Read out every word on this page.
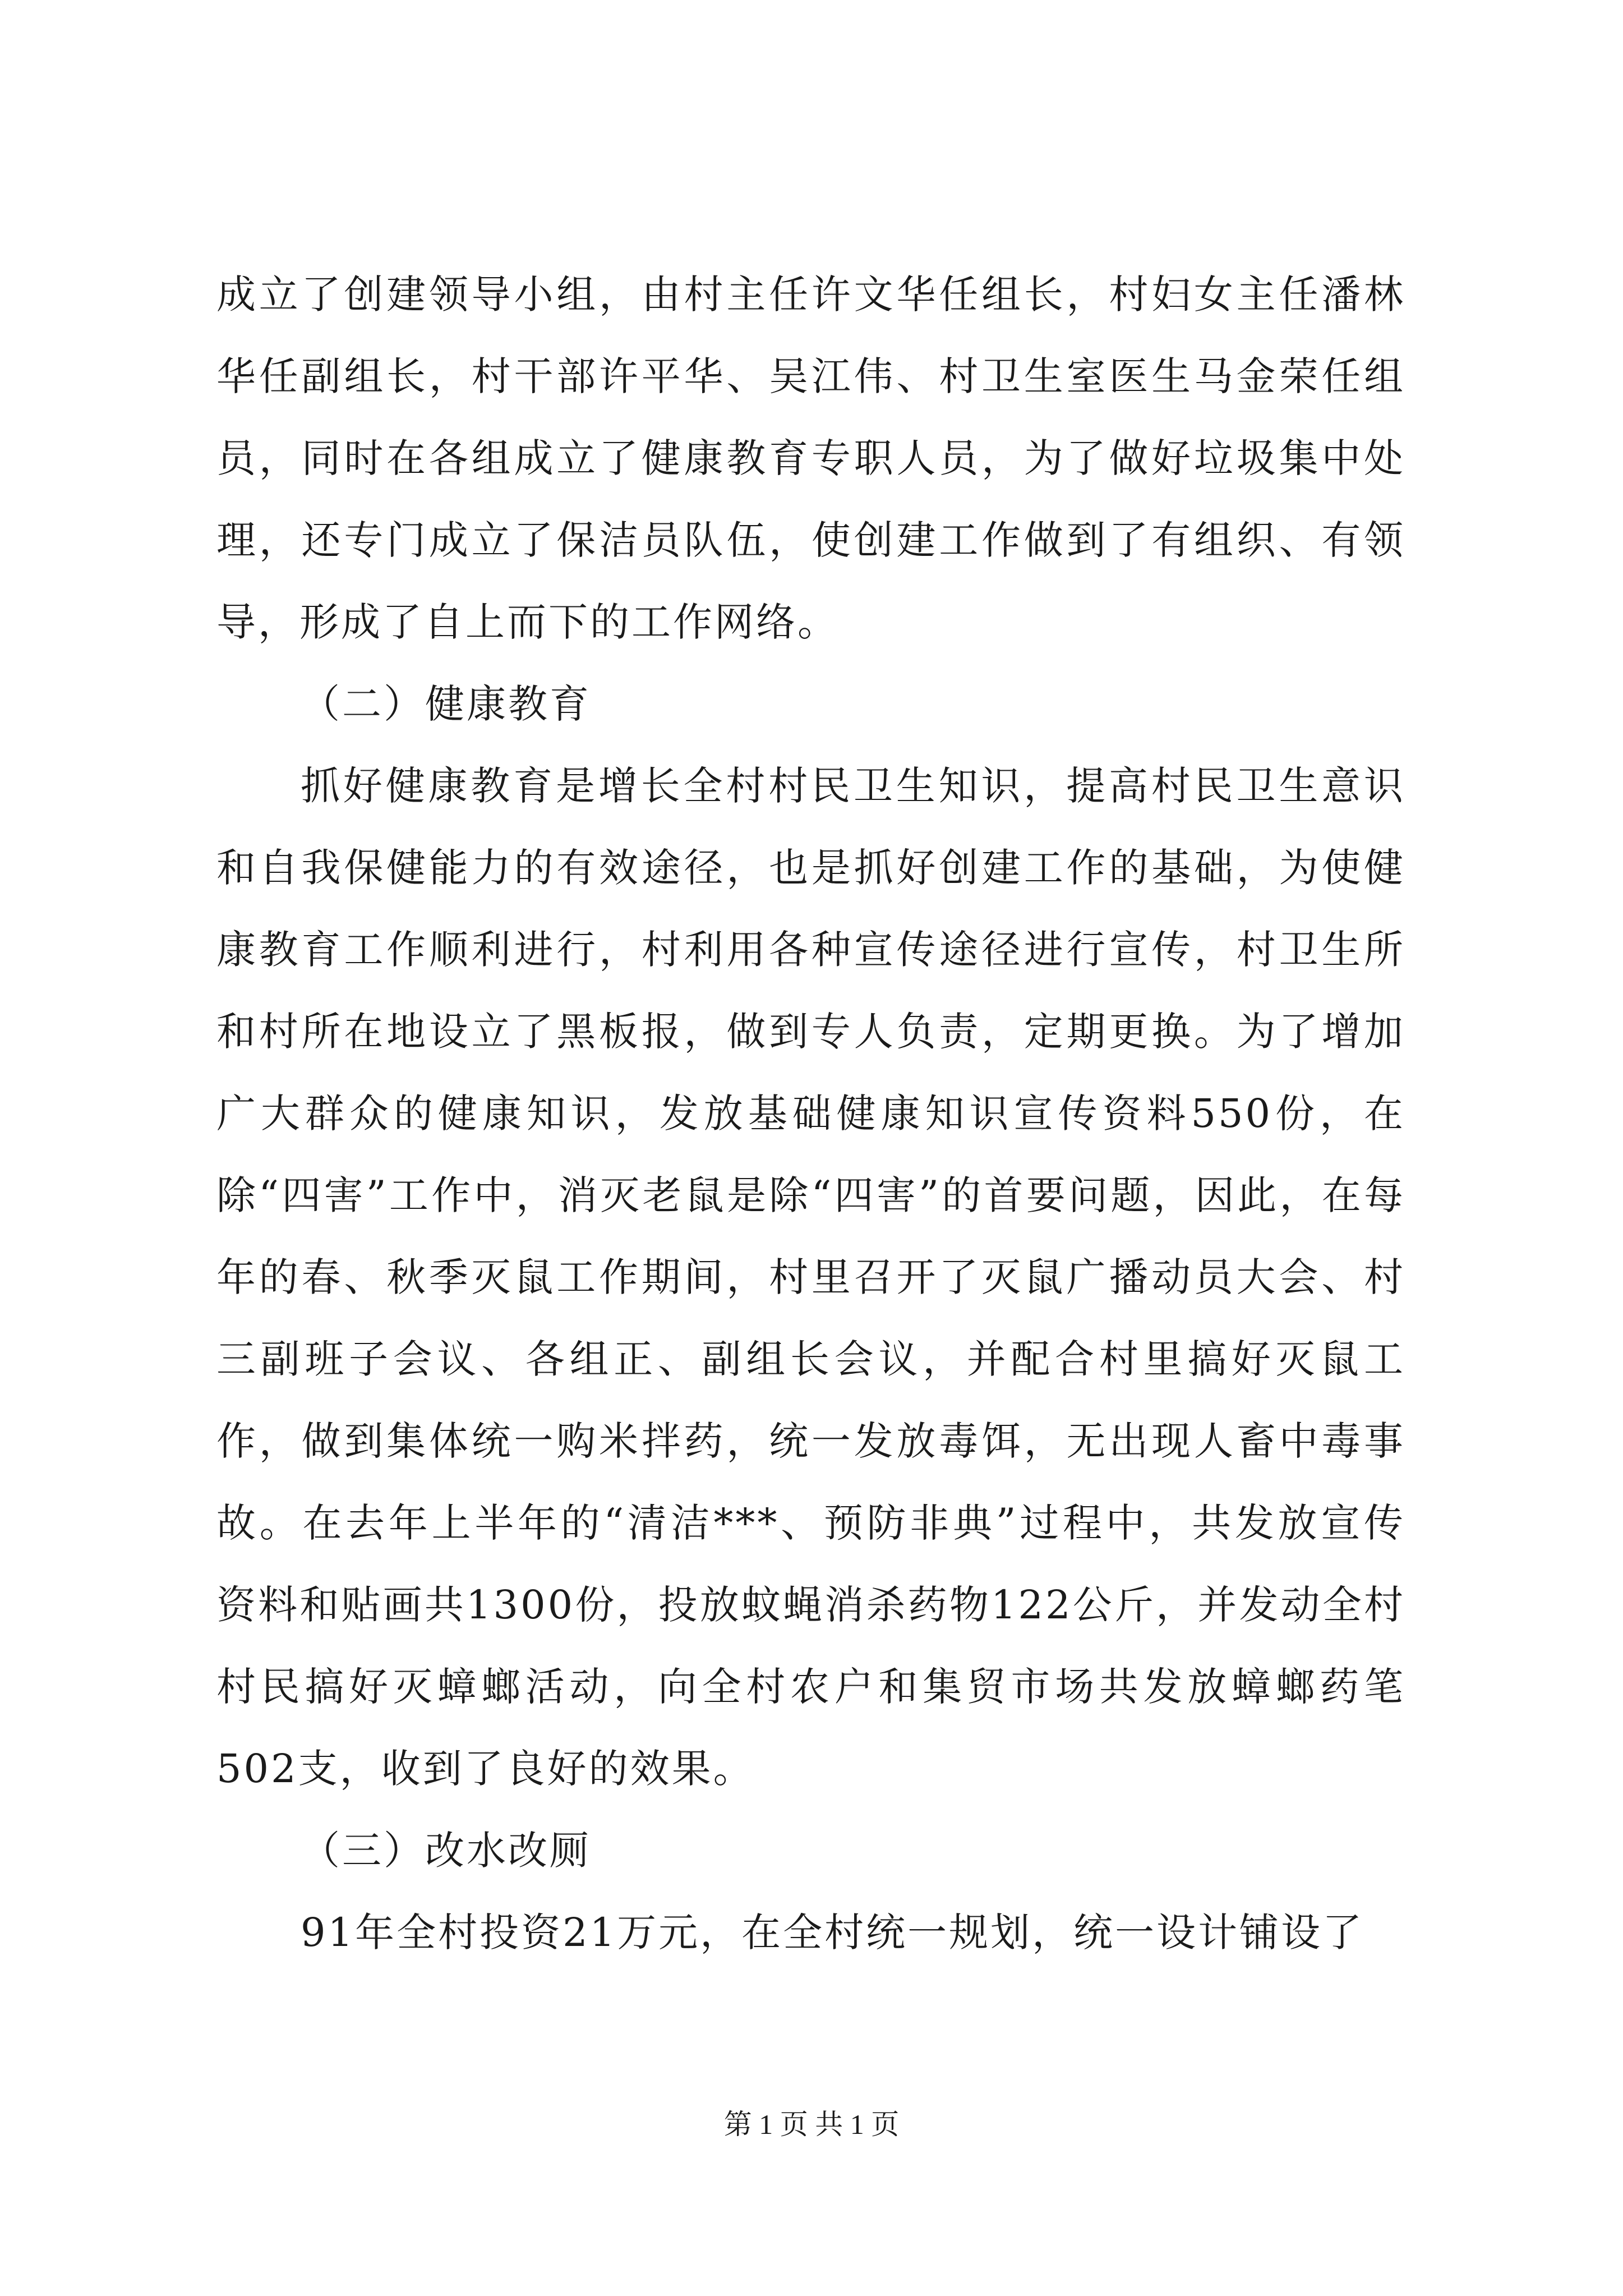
成立了创建领导小组，由村主任许文华任组长，村妇女主任潘林华任副组长，村干部许平华、吴江伟、村卫生室医生马金荣任组员，同时在各组成立了健康教育专职人员，为了做好垃圾集中处理，还专门成立了保洁员队伍，使创建工作做到了有组织、有领导，形成了自上而下的工作网络。

（二）健康教育

抓好健康教育是增长全村村民卫生知识，提高村民卫生意识和自我保健能力的有效途径，也是抓好创建工作的基础，为使健康教育工作顺利进行，村利用各种宣传途径进行宣传，村卫生所和村所在地设立了黑板报，做到专人负责，定期更换。为了增加广大群众的健康知识，发放基础健康知识宣传资料550份，在除“四害”工作中，消灭老鼠是除“四害”的首要问题，因此，在每年的春、秋季灭鼠工作期间，村里召开了灭鼠广播动员大会、村三副班子会议、各组正、副组长会议，并配合村里搞好灭鼠工作，做到集体统一购米拌药，统一发放毒饵，无出现人畜中毒事故。在去年上半年的“清洁***、预防非典”过程中，共发放宣传资料和贴画共1300份，投放蚊蝇消杀药物122公斤，并发动全村村民搞好灭蟑螂活动，向全村农户和集贸市场共发放蟑螂药笔502支，收到了良好的效果。

（三）改水改厕

91年全村投资21万元，在全村统一规划，统一设计铺设了

第 1 页 共 1 页
